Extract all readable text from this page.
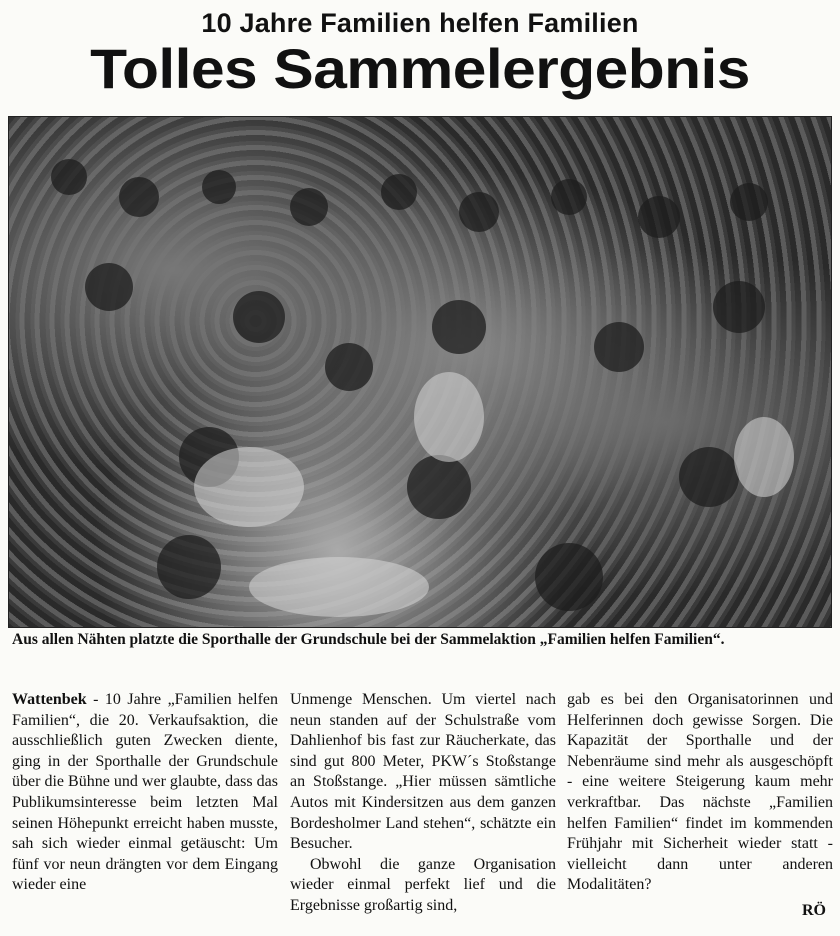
10 Jahre Familien helfen Familien
Tolles Sammelergebnis
Aus allen Nähten platzte die Sporthalle der Grundschule bei der Sammelaktion „Familien helfen Familien“.

Wattenbek - 10 Jahre „Familien helfen Familien“, die 20. Verkaufsaktion, die ausschließlich guten Zwecken diente, ging in der Sporthalle der Grundschule über die Bühne und wer glaubte, dass das Publikumsinteresse beim letzten Mal seinen Höhepunkt erreicht haben musste, sah sich wieder einmal getäuscht: Um fünf vor neun drängten vor dem Eingang wieder eine

Unmenge Menschen. Um viertel nach neun standen auf der Schulstraße vom Dahlienhof bis fast zur Räucherkate, das sind gut 800 Meter, PKW´s Stoßstange an Stoßstange. „Hier müssen sämtliche Autos mit Kindersitzen aus dem ganzen Bordesholmer Land stehen“, schätzte ein Besucher.

Obwohl die ganze Organisation wieder einmal perfekt lief und die Ergebnisse großartig sind,

gab es bei den Organisatorinnen und Helferinnen doch gewisse Sorgen. Die Kapazität der Sporthalle und der Nebenräume sind mehr als ausgeschöpft - eine weitere Steigerung kaum mehr verkraftbar. Das nächste „Familien helfen Familien“ findet im kommenden Frühjahr mit Sicherheit wieder statt - vielleicht dann unter anderen Modalitäten?

RÖ
